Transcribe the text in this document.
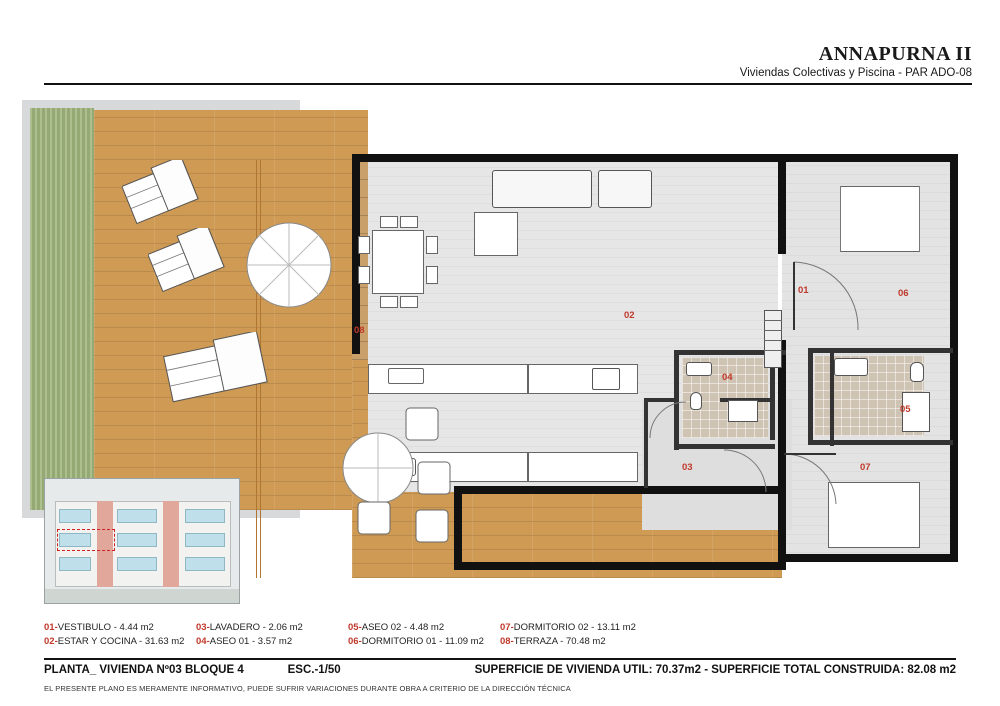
ANNAPURNA II
Viviendas Colectivas y Piscina - PAR ADO-08
08
02
01	06
04
05
03	07
01-VESTIBULO - 4.44 m2	03-LAVADERO - 2.06 m2	05-ASEO 02 - 4.48 m2	07-DORMITORIO 02 - 13.11 m2
02-ESTAR Y COCINA - 31.63 m2	04-ASEO 01 - 3.57 m2	06-DORMITORIO 01 - 11.09 m2	08-TERRAZA - 70.48 m2
PLANTA_ VIVIENDA Nº03 BLOQUE 4	ESC.-1/50	SUPERFICIE DE VIVIENDA UTIL: 70.37m2 - SUPERFICIE TOTAL CONSTRUIDA: 82.08 m2
EL PRESENTE PLANO ES MERAMENTE INFORMATIVO, PUEDE SUFRIR VARIACIONES DURANTE OBRA A CRITERIO DE LA DIRECCIÓN TÉCNICA
